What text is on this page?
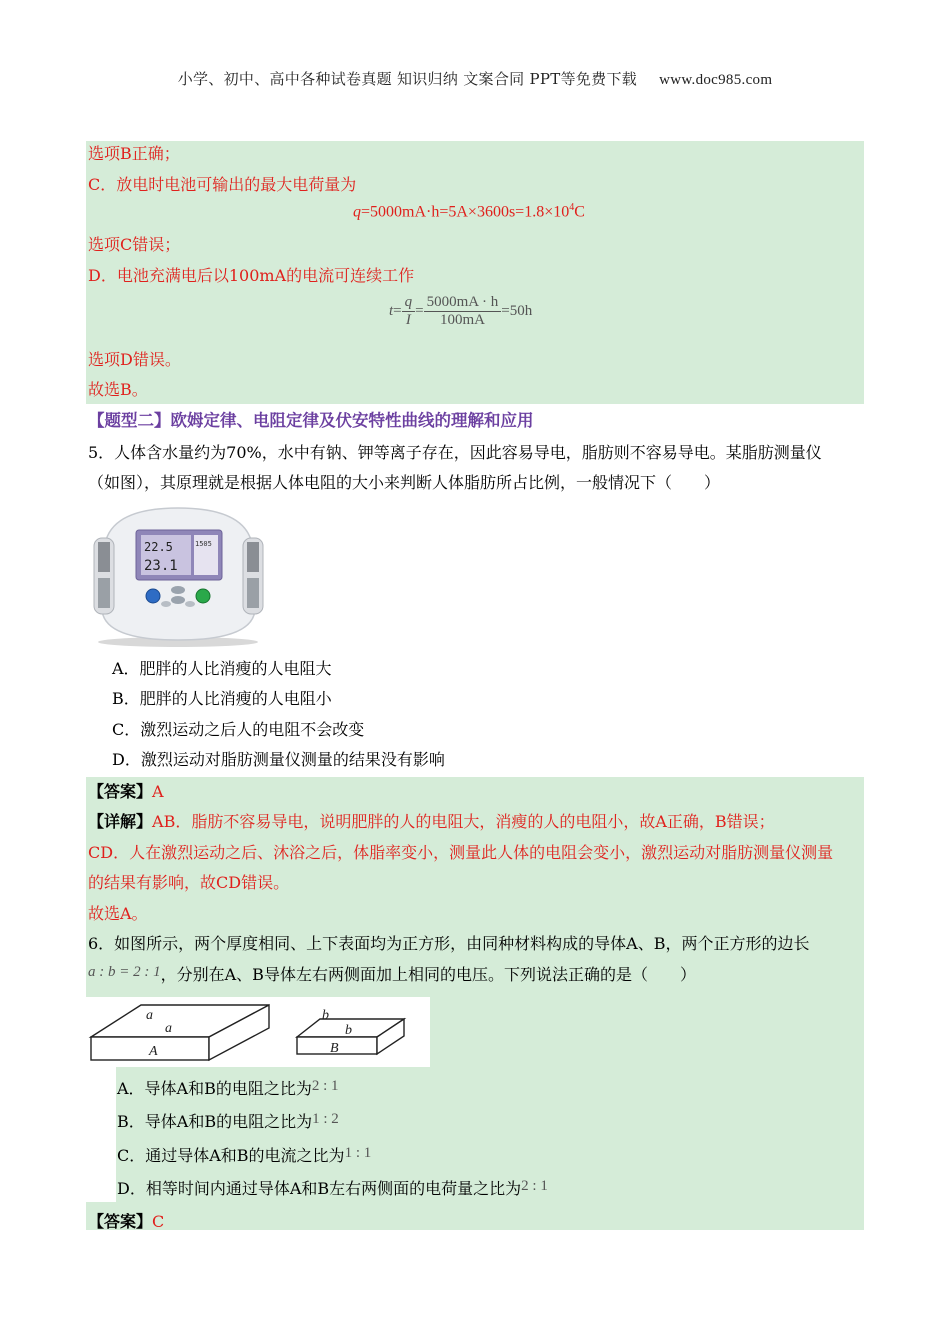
小学、初中、高中各种试卷真题 知识归纳 文案合同 PPT等免费下载 www.doc985.com
选项B正确；
C．放电时电池可输出的最大电荷量为
$q=5000mA\cdot h=5A\times 3600s=1.8\times 10^4C$
选项C错误；
D．电池充满电后以100mA的电流可连续工作
$t= \frac{q}{I} = \frac{5000mA \cdot h}{100mA} =50h$
选项D错误。
故选B。
【题型二】欧姆定律、电阻定律及伏安特性曲线的理解和应用
5．人体含水量约为70%，水中有钠、钾等离子存在，因此容易导电，脂肪则不容易导电。某脂肪测量仪
（如图），其原理就是根据人体电阻的大小来判断人体脂肪所占比例，一般情况下（　　）
22.5
23.1
1505
A．肥胖的人比消瘦的人电阻大
B．肥胖的人比消瘦的人电阻小
C．激烈运动之后人的电阻不会改变
D．激烈运动对脂肪测量仪测量的结果没有影响
【答案】A
【详解】AB．脂肪不容易导电，说明肥胖的人的电阻大，消瘦的人的电阻小，故A正确，B错误；
CD．人在激烈运动之后、沐浴之后，体脂率变小，测量此人体的电阻会变小，激烈运动对脂肪测量仪测量
的结果有影响，故CD错误。
故选A。
6．如图所示，两个厚度相同、上下表面均为正方形，由同种材料构成的导体A、B，两个正方形的边长
a : b = 2 : 1，分别在A、B导体左右两侧面加上相同的电压。下列说法正确的是（　　）
a
a
A
b
b
B
A．导体A和B的电阻之比为2 : 1
B．导体A和B的电阻之比为1 : 2
C．通过导体A和B的电流之比为1 : 1
D．相等时间内通过导体A和B左右两侧面的电荷量之比为2 : 1
【答案】C
